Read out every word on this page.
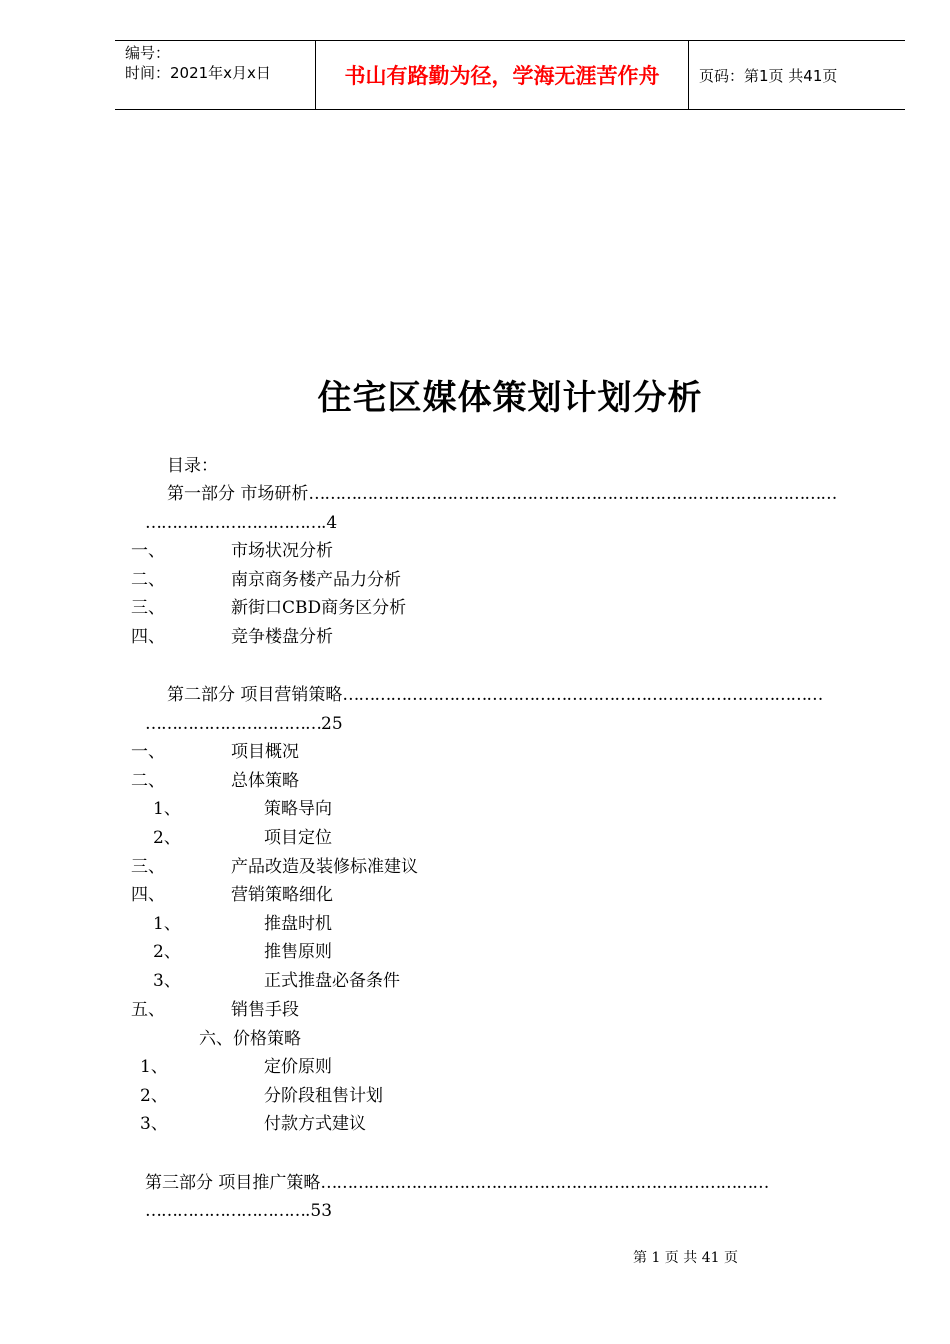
编号：
时间：2021年x月x日	书山有路勤为径，学海无涯苦作舟	页码：第1页 共41页
住宅区媒体策划计划分析
目录：
第一部分 市场研析………………………………………………………………………………………
…………………………….4
一、	市场状况分析
二、	南京商务楼产品力分析
三、	新街口CBD商务区分析
四、	竞争楼盘分析
第二部分 项目营销策略………………………………………………………………………………
……………………………25
一、	项目概况
二、	总体策略
1、	策略导向
2、	项目定位
三、	产品改造及装修标准建议
四、	营销策略细化
1、	推盘时机
2、	推售原则
3、	正式推盘必备条件
五、	销售手段
六、价格策略
1、	定价原则
2、	分阶段租售计划
3、	付款方式建议
第三部分 项目推广策略…………………………………………………………………………
………………………….53
第 1 页 共 41 页
